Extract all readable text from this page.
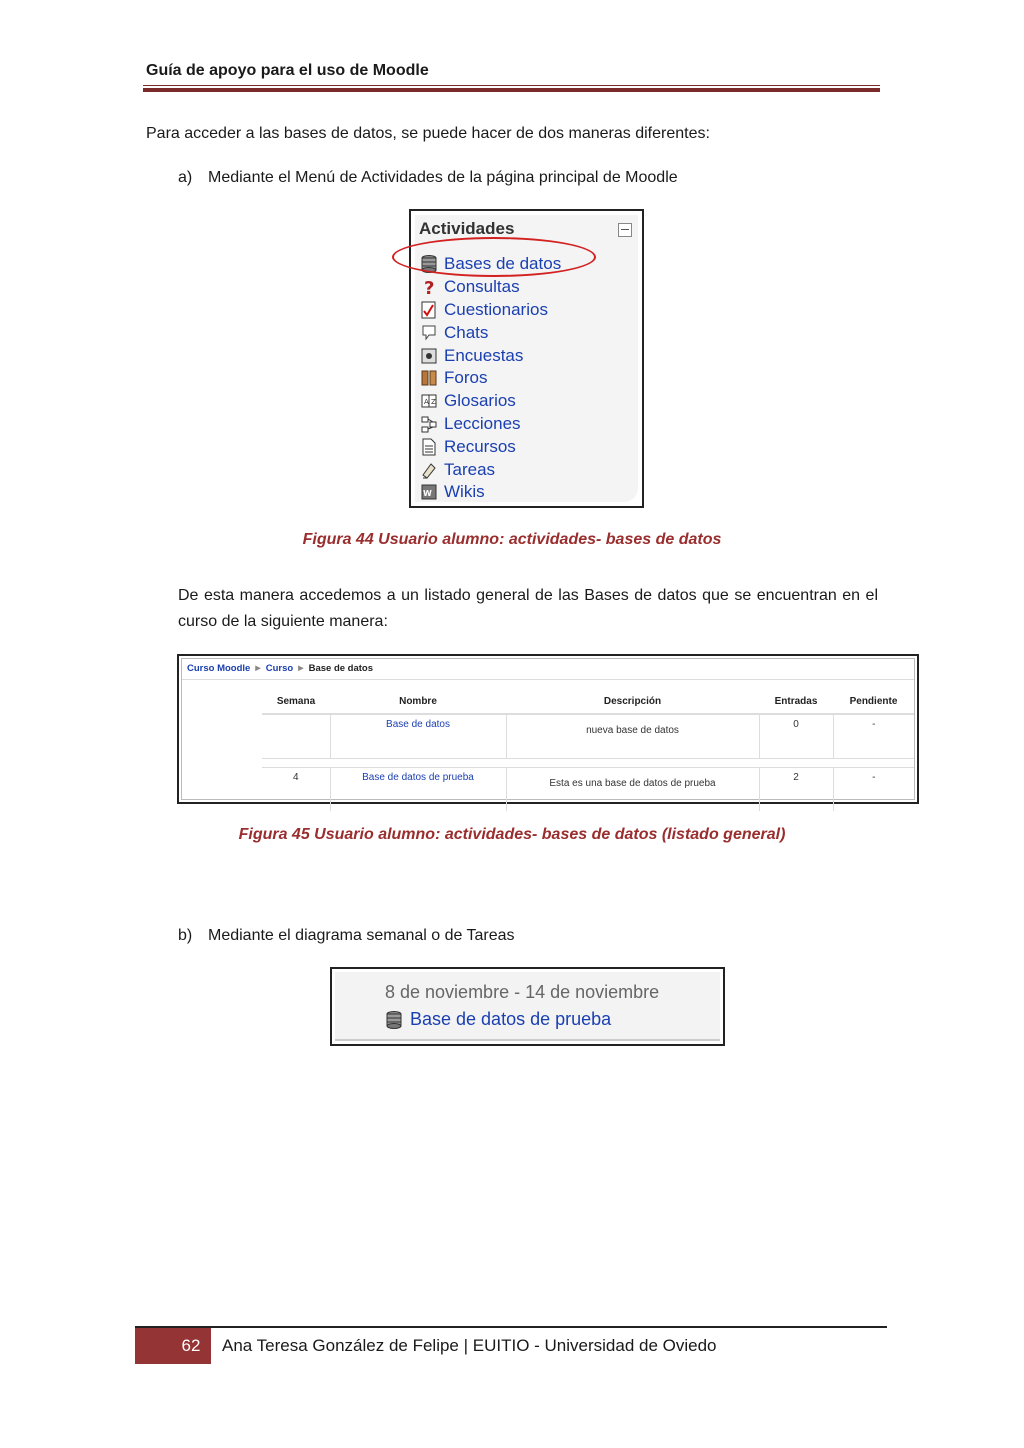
Guía de apoyo para el uso de Moodle
Para acceder a las bases de datos, se puede hacer de dos maneras diferentes:
a) Mediante el Menú de Actividades de la página principal de Moodle
Actividades
Bases de datos
? Consultas
Cuestionarios
Chats
Encuestas
Foros
A Z Glosarios
Lecciones
Recursos
Tareas
W Wikis
Figura 44 Usuario alumno: actividades- bases de datos
De esta manera accedemos a un listado general de las Bases de datos que se encuentran en el curso de la siguiente manera:
Curso Moodle ► Curso ► Base de datos
Semana	Nombre	Descripción	Entradas	Pendiente
	Base de datos	nueva base de datos	0	-

4	Base de datos de prueba	Esta es una base de datos de prueba	2	-
Figura 45 Usuario alumno: actividades- bases de datos (listado general)
b) Mediante el diagrama semanal o de Tareas
8 de noviembre - 14 de noviembre
Base de datos de prueba
62	Ana Teresa González de Felipe | EUITIO - Universidad de Oviedo
